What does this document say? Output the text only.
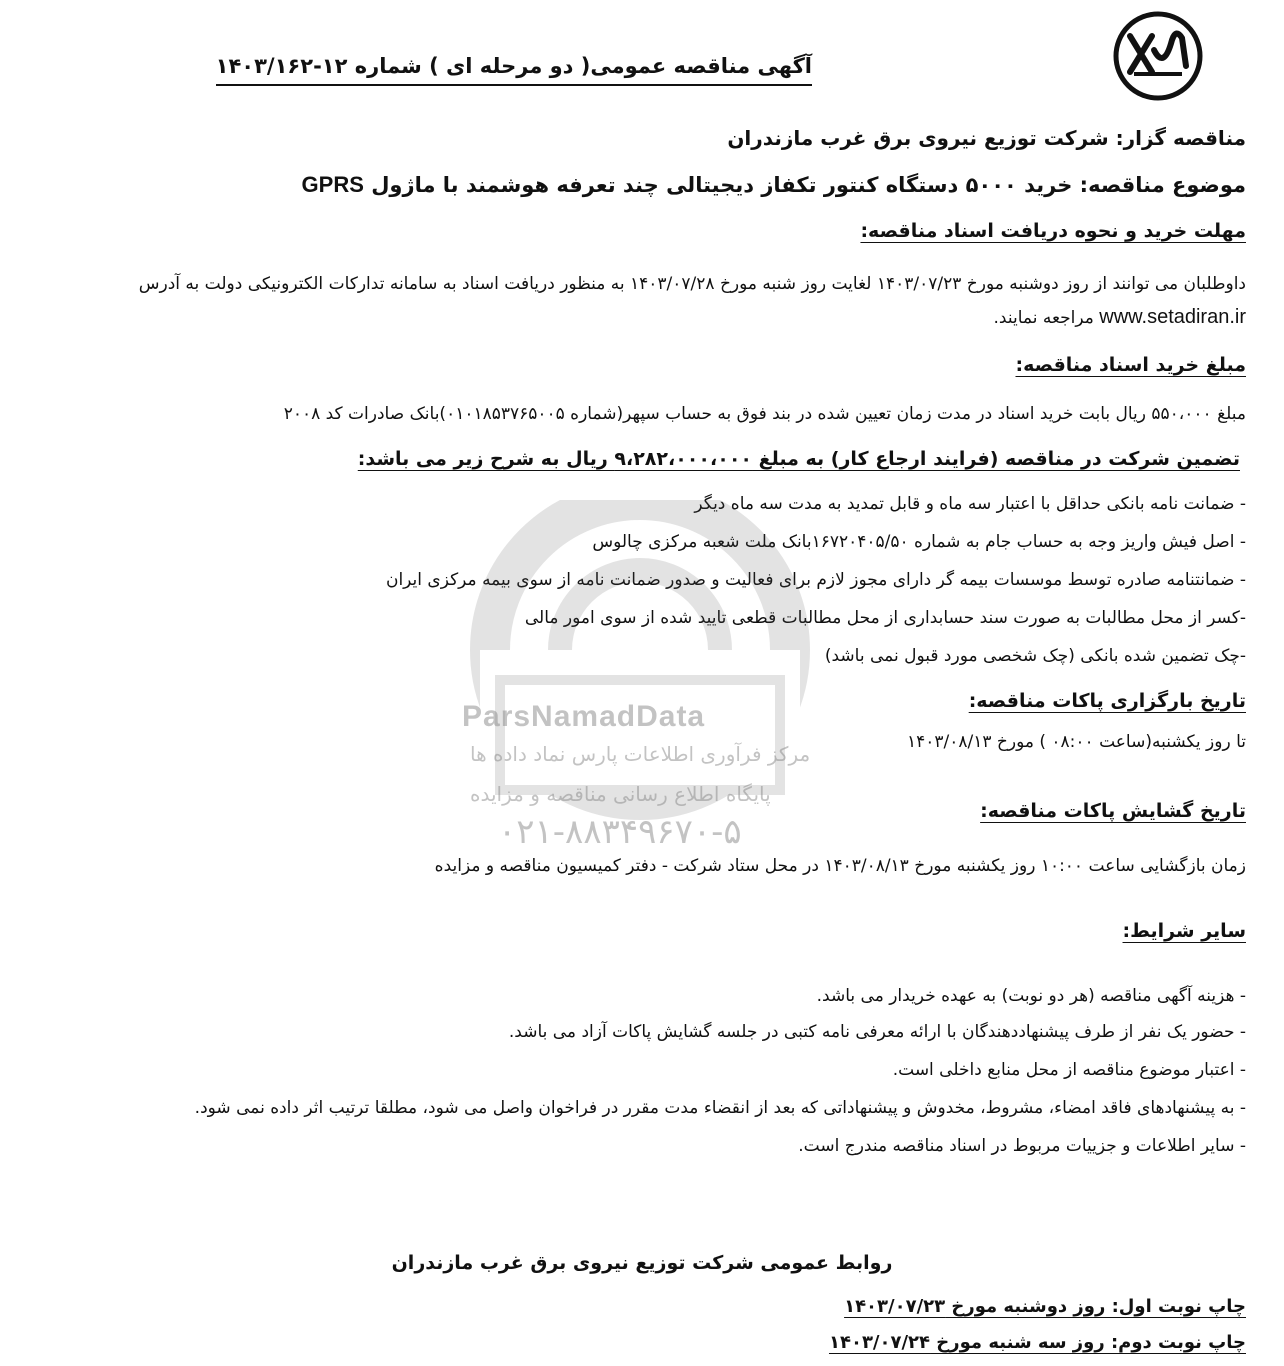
آگهی مناقصه عمومی( دو مرحله ای ) شماره ۱۲-۱۴۰۳/۱۶۲
مناقصه گزار: شرکت توزیع نیروی برق غرب مازندران
موضوع مناقصه: خرید ۵۰۰۰ دستگاه کنتور تکفاز دیجیتالی چند تعرفه هوشمند با ماژول GPRS
مهلت خرید و نحوه دریافت اسناد مناقصه:
داوطلبان می توانند از روز دوشنبه مورخ ۱۴۰۳/۰۷/۲۳ لغایت روز شنبه مورخ ۱۴۰۳/۰۷/۲۸ به منظور دریافت اسناد به سامانه تدارکات الکترونیکی دولت به آدرس
www.setadiran.ir مراجعه نمایند.
مبلغ خرید اسناد مناقصه:
مبلغ ۵۵۰،۰۰۰ ریال بابت خرید اسناد در مدت زمان تعیین شده در بند فوق به حساب سپهر(شماره ۰۱۰۱۸۵۳۷۶۵۰۰۵)بانک صادرات کد ۲۰۰۸
تضمین شرکت در مناقصه (فرایند ارجاع کار) به مبلغ ۹،۲۸۲،۰۰۰،۰۰۰ ریال به شرح زیر می باشد:
- ضمانت نامه بانکی حداقل با اعتبار سه ماه و قابل تمدید به مدت سه ماه دیگر
- اصل فیش واریز وجه به حساب جام به شماره ۱۶۷۲۰۴۰۵/۵۰بانک ملت شعبه مرکزی چالوس
- ضمانتنامه صادره توسط موسسات بیمه گر دارای مجوز لازم برای فعالیت و صدور ضمانت نامه از سوی بیمه مرکزی ایران
-کسر از محل مطالبات به صورت سند حسابداری از محل مطالبات قطعی تایید شده از سوی امور مالی
-چک تضمین شده بانکی (چک شخصی مورد قبول نمی باشد)
تاریخ بارگزاری پاکات مناقصه:
تا روز یکشنبه(ساعت ۰۸:۰۰ ) مورخ ۱۴۰۳/۰۸/۱۳
تاریخ گشایش پاکات مناقصه:
زمان بازگشایی ساعت ۱۰:۰۰ روز یکشنبه مورخ ۱۴۰۳/۰۸/۱۳ در محل ستاد شرکت - دفتر کمیسیون مناقصه و مزایده
سایر شرایط:
- هزینه آگهی مناقصه (هر دو نوبت) به عهده خریدار می باشد.
- حضور یک نفر از طرف پیشنهاددهندگان با ارائه معرفی نامه کتبی در جلسه گشایش پاکات آزاد می باشد.
- اعتبار موضوع مناقصه از محل منابع داخلی است.
- به پیشنهادهای فاقد امضاء، مشروط، مخدوش و پیشنهاداتی که بعد از انقضاء مدت مقرر در فراخوان واصل می شود، مطلقا ترتیب اثر داده نمی شود.
- سایر اطلاعات و جزییات مربوط در اسناد مناقصه مندرج است.
روابط عمومی شرکت توزیع نیروی برق غرب مازندران
چاپ نوبت اول: روز دوشنبه مورخ ۱۴۰۳/۰۷/۲۳
چاپ نوبت دوم: روز سه شنبه مورخ ۱۴۰۳/۰۷/۲۴
ParsNamadData
مرکز فرآوری اطلاعات پارس نماد داده ها
پایگاه اطلاع رسانی مناقصه و مزایده
۰۲۱-۸۸۳۴۹۶۷۰-۵
